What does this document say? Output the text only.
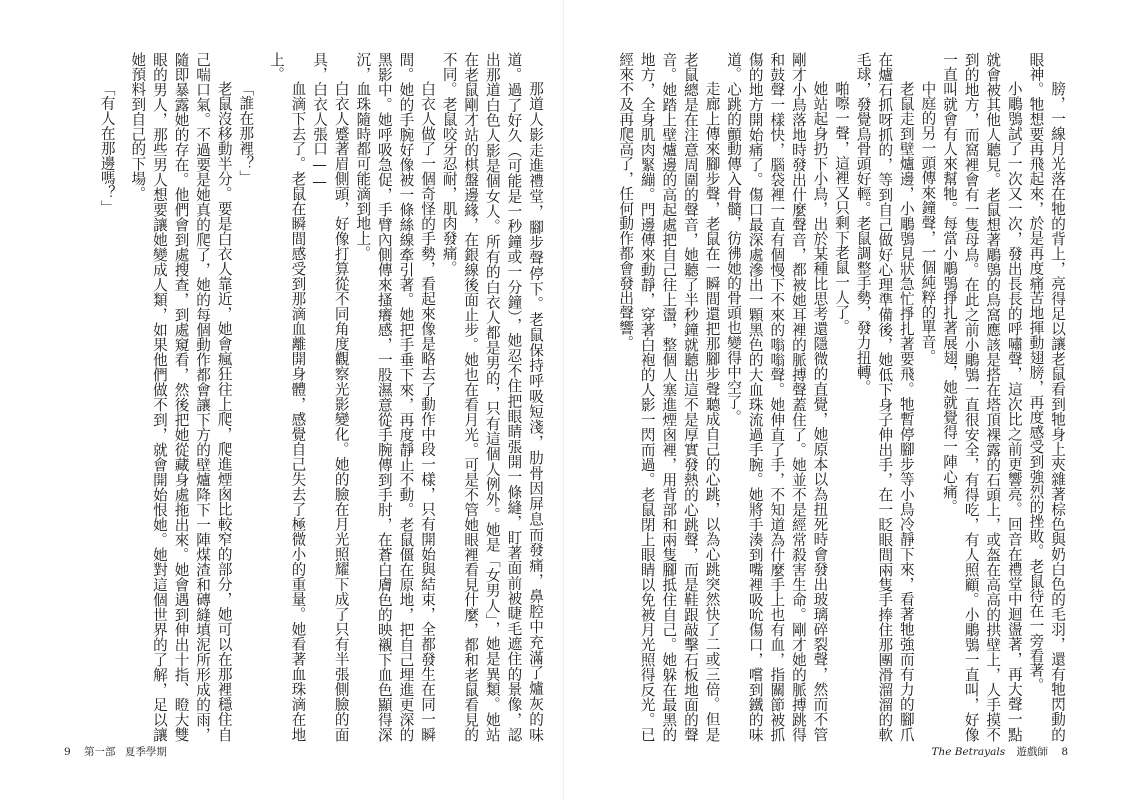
膀，一線月光落在牠的背上，亮得足以讓老鼠看到牠身上夾雜著棕色與奶白色的毛羽，還有牠閃動的眼神。牠想要再飛起來，於是再度痛苦地揮動翅膀，再度感受到強烈的挫敗。老鼠待在一旁看著。

小鵰鴞試了一次又一次，發出長長的呼嘯聲，這次比之前更響亮。回音在禮堂中迴盪著，再大聲一點就會被其他人聽見。老鼠想著鵰鴞的鳥窩應該是搭在塔頂裸露的石頭上，或盔在高高的拱壁上，人手摸不到的地方，而窩裡會有一隻母鳥。在此之前小鵰鴞一直很安全，有得吃，有人照顧。小鵰鴞一直叫，好像一直叫就會有人來幫牠。每當小鵰鴞掙扎著展翅，她就覺得一陣心痛。

中庭的另一頭傳來鐘聲，一個純粹的單音。

老鼠走到壁爐邊，小鵰鴞見狀急忙掙扎著要飛。牠暫停腳步等小鳥冷靜下來，看著牠強而有力的腳爪在爐石抓呀抓的，等到自己做好心理準備後，她低下身子伸出手，在一眨眼間兩隻手捧住那團滑溜溜的軟毛球，發覺鳥骨頭好輕。老鼠調整手勢，發力扭轉。

啪嚓一聲，這裡又只剩下老鼠一人了。

她站起身扔下小鳥，出於某種比思考還隱微的直覺，她原本以為扭死時會發出玻璃碎裂聲，然而不管剛才小鳥落地時發出什麼聲音，都被她耳裡的脈搏聲蓋住了。她並不是經常殺害生命。剛才她的脈搏跳得和鼓聲一樣快，腦袋裡一直有個慢下不來的嗡嗡聲。她伸直了手，不知道為什麼手上也有血，指關節被抓傷的地方開始痛了。傷口最深處滲出一顆黑色的大血珠流過手腕。她將手湊到嘴裡吸吮傷口，嚐到鐵的味道。心跳的顫動傳入骨髓，彷彿她的骨頭也變得中空了。

走廊上傳來腳步聲，老鼠在一瞬間還把那腳步聲聽成自己的心跳，以為心跳突然快了二或三倍。但是老鼠總是在注意周圍的聲音，她聽了半秒鐘就聽出這不是厚實發熱的心跳聲，而是鞋跟敲擊石板地面的聲音。她踏上壁爐邊的高起處把自己往上盪，整個人塞進煙囪裡，用背部和兩隻腳抵住自己。她躲在最黑的地方，全身肌肉緊繃。門邊傳來動靜，穿著白袍的人影一閃而過。老鼠閉上眼睛以免被月光照得反光。已經來不及再爬高了，任何動作都會發出聲響。

那道人影走進禮堂，腳步聲停下。老鼠保持呼吸短淺，肋骨因屏息而發痛，鼻腔中充滿了爐灰的味道。過了好久（可能是一秒鐘或一分鐘），她忍不住把眼睛張開一條縫，盯著面前被睫毛遮住的景像，認出那道白色人影是個女人。所有的白衣人都是男的，只有這個人例外。她是「女男人」，她是異類。她站在老鼠剛才站的棋盤邊緣，在銀線後面止步。她也在看月光。可是不管她眼裡看見什麼，都和老鼠看見的不同。老鼠咬牙忍耐，肌肉發痛。

白衣人做了一個奇怪的手勢，看起來像是略去了動作中段一樣，只有開始與結束，全都發生在同一瞬間。她的手腕好像被一條絲線牽引著。她把手垂下來，再度靜止不動。老鼠僵在原地，把自己埋進更深的黑影中。她呼吸急促，手臂內側傳來搔癢感，一股濕意從手腕傳到手肘，在蒼白膚色的映襯下血色顯得深沉，血珠隨時都可能滴到地上。

白衣人蹙著眉側頭，好像打算從不同角度觀察光影變化。她的臉在月光照耀下成了只有半張側臉的面具，白衣人張口——

血滴下去了。老鼠在瞬間感受到那滴血離開身體，感覺自己失去了極微小的重量。她看著血珠滴在地上。

「誰在那裡？」

老鼠沒移動半分。要是白衣人靠近，她會瘋狂往上爬，爬進煙囪比較窄的部分，她可以在那裡穩住自己喘口氣。不過要是她真的爬了，她的每個動作都會讓下方的壁爐降下一陣煤渣和磚縫填泥所形成的雨，隨即暴露她的存在。他們會到處搜查，到處窺看，然後把她從藏身處拖出來。她會遇到伸出十指、瞪大雙眼的男人，那些男人想要讓她變成人類，如果他們做不到，就會開始恨她。她對這個世界的了解，足以讓她預料到自己的下場。

「有人在那邊嗎？」

9 第一部 夏季學期	The Betrayals 遊戲師 8
